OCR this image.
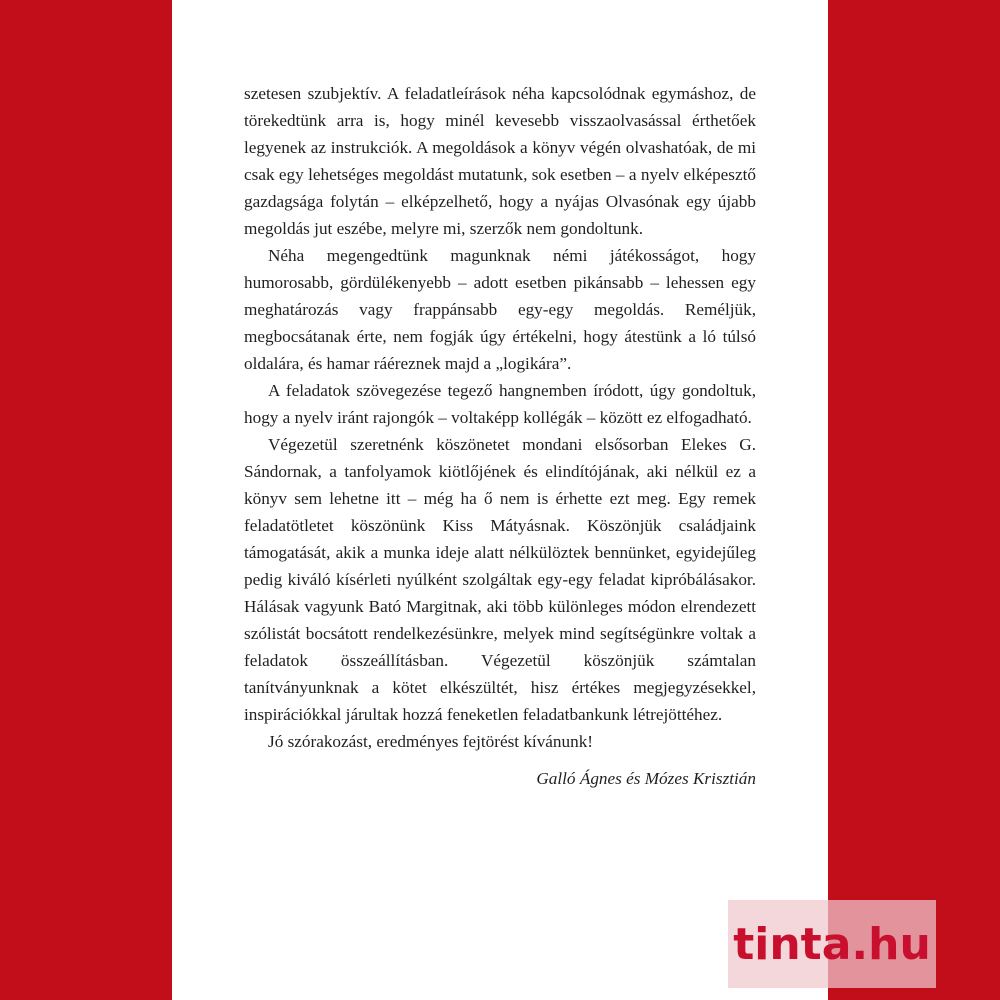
szetesen szubjektív. A feladatleírások néha kapcsolódnak egymáshoz, de törekedtünk arra is, hogy minél kevesebb visszaolvasással érthetőek legyenek az instrukciók. A megoldások a könyv végén olvashatóak, de mi csak egy lehetséges megoldást mutatunk, sok esetben – a nyelv elképesztő gazdagsága folytán – elképzelhető, hogy a nyájas Olvasónak egy újabb megoldás jut eszébe, melyre mi, szerzők nem gondoltunk.

Néha megengedtünk magunknak némi játékosságot, hogy humorosabb, gördülékenyebb – adott esetben pikánsabb – lehessen egy meghatározás vagy frappánsabb egy-egy megoldás. Reméljük, megbocsátanak érte, nem fogják úgy értékelni, hogy átestünk a ló túlsó oldalára, és hamar ráéreznek majd a „logikára”.

A feladatok szövegezése tegező hangnemben íródott, úgy gondoltuk, hogy a nyelv iránt rajongók – voltaképp kollégák – között ez elfogadható.

Végezetül szeretnénk köszönetet mondani elsősorban Elekes G. Sándornak, a tanfolyamok kiötlőjének és elindítójának, aki nélkül ez a könyv sem lehetne itt – még ha ő nem is érhette ezt meg. Egy remek feladatötletet köszönünk Kiss Mátyásnak. Köszönjük családjaink támogatását, akik a munka ideje alatt nélkülöztek bennünket, egyidejűleg pedig kiváló kísérleti nyúlként szolgáltak egy-egy feladat kipróbálásakor. Hálásak vagyunk Bató Margitnak, aki több különleges módon elrendezett szólistát bocsátott rendelkezésünkre, melyek mind segítségünkre voltak a feladatok összeállításban. Végezetül köszönjük számtalan tanítványunknak a kötet elkészültét, hisz értékes megjegyzésekkel, inspirációkkal járultak hozzá feneketlen feladatbankunk létrejöttéhez.

Jó szórakozást, eredményes fejtörést kívánunk!

Galló Ágnes és Mózes Krisztián

tinta.hu
